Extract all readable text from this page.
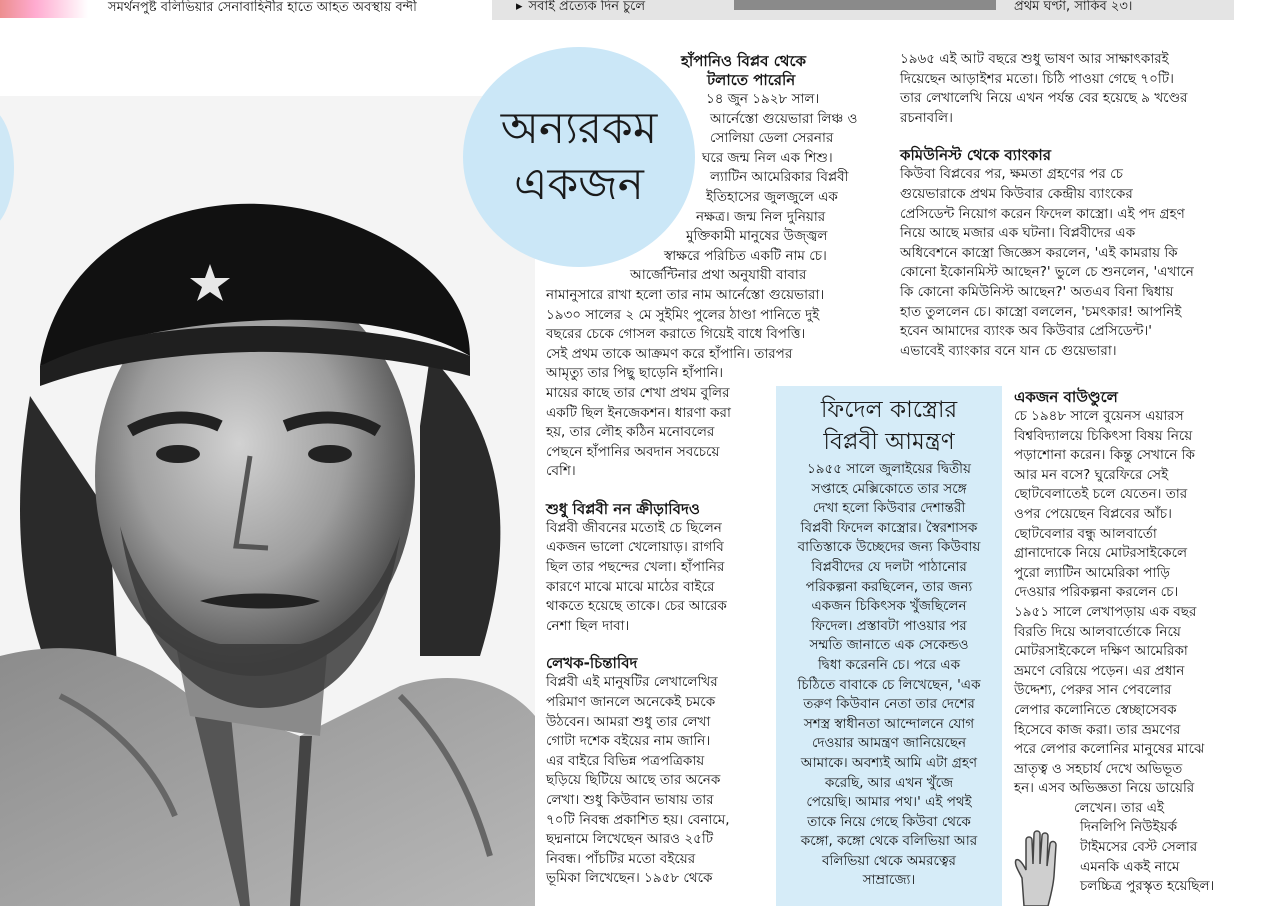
সমর্থনপুষ্ট বলিভিয়ার সেনাবাহিনীর হাতে আহত অবস্থায় বন্দী	▸ সবাই প্রত্যেক দিন চুলে	প্রথম ঘণ্টা, সাকিব ২৩।
অন্যরকম
একজন

হাঁপানিও বিপ্লব থেকে

টলাতে পারেনি

১৪ জুন ১৯২৮ সাল।

আর্নেস্তো গুয়েভারা লিঞ্চ ও

সোলিয়া ডেলা সেরনার

ঘরে জন্ম নিল এক শিশু।

ল্যাটিন আমেরিকার বিপ্লবী

ইতিহাসের জুলজুলে এক

নক্ষত্র। জন্ম নিল দুনিয়ার

মুক্তিকামী মানুষের উজ্জ্বল

স্বাক্ষরে পরিচিত একটি নাম চে।

আর্জেন্টিনার প্রথা অনুযায়ী বাবার

নামানুসারে রাখা হলো তার নাম আর্নেস্তো গুয়েভারা।

১৯৩০ সালের ২ মে সুইমিং পুলের ঠাণ্ডা পানিতে দুই

বছরের চেকে গোসল করাতে গিয়েই বাধে বিপত্তি।

সেই প্রথম তাকে আক্রমণ করে হাঁপানি। তারপর

আমৃত্যু তার পিছু ছাড়েনি হাঁপানি।

মায়ের কাছে তার শেখা প্রথম বুলির

একটি ছিল ইনজেকশন। ধারণা করা

হয়, তার লৌহ কঠিন মনোবলের

পেছনে হাঁপানির অবদান সবচেয়ে

বেশি।

শুধু বিপ্লবী নন ক্রীড়াবিদও

বিপ্লবী জীবনের মতোই চে ছিলেন

একজন ভালো খেলোয়াড়। রাগবি

ছিল তার পছন্দের খেলা। হাঁপানির

কারণে মাঝে মাঝে মাঠের বাইরে

থাকতে হয়েছে তাকে। চের আরেক

নেশা ছিল দাবা।

লেখক-চিন্তাবিদ

বিপ্লবী এই মানুষটির লেখালেখির

পরিমাণ জানলে অনেকেই চমকে

উঠবেন। আমরা শুধু তার লেখা

গোটা দশেক বইয়ের নাম জানি।

এর বাইরে বিভিন্ন পত্রপত্রিকায়

ছড়িয়ে ছিটিয়ে আছে তার অনেক

লেখা। শুধু কিউবান ভাষায় তার

৭০টি নিবন্ধ প্রকাশিত হয়। বেনামে,

ছদ্মনামে লিখেছেন আরও ২৫টি

নিবন্ধ। পাঁচটির মতো বইয়ের

ভূমিকা লিখেছেন। ১৯৫৮ থেকে

ফিদেল কাস্ত্রোর
বিপ্লবী আমন্ত্রণ

১৯৫৫ সালে জুলাইয়ের দ্বিতীয়

সপ্তাহে মেক্সিকোতে তার সঙ্গে

দেখা হলো কিউবার দেশান্তরী

বিপ্লবী ফিদেল কাস্ত্রোর। স্বৈরশাসক

বাতিস্তাকে উচ্ছেদের জন্য কিউবায়

বিপ্লবীদের যে দলটা পাঠানোর

পরিকল্পনা করছিলেন, তার জন্য

একজন চিকিৎসক খুঁজছিলেন

ফিদেল। প্রস্তাবটা পাওয়ার পর

সম্মতি জানাতে এক সেকেন্ডও

দ্বিধা করেননি চে। পরে এক

চিঠিতে বাবাকে চে লিখেছেন, 'এক

তরুণ কিউবান নেতা তার দেশের

সশস্ত্র স্বাধীনতা আন্দোলনে যোগ

দেওয়ার আমন্ত্রণ জানিয়েছেন

আমাকে। অবশ্যই আমি এটা গ্রহণ

করেছি, আর এখন খুঁজে

পেয়েছি। আমার পথ।' এই পথই

তাকে নিয়ে গেছে কিউবা থেকে

কঙ্গো, কঙ্গো থেকে বলিভিয়া আর

বলিভিয়া থেকে অমরত্বের

সাম্রাজ্যে।

১৯৬৫ এই আট বছরে শুধু ভাষণ আর সাক্ষাৎকারই

দিয়েছেন আড়াইশর মতো। চিঠি পাওয়া গেছে ৭০টি।

তার লেখালেখি নিয়ে এখন পর্যন্ত বের হয়েছে ৯ খণ্ডের

রচনাবলি।

কমিউনিস্ট থেকে ব্যাংকার

কিউবা বিপ্লবের পর, ক্ষমতা গ্রহণের পর চে

গুয়েভারাকে প্রথম কিউবার কেন্দ্রীয় ব্যাংকের

প্রেসিডেন্ট নিয়োগ করেন ফিদেল কাস্ত্রো। এই পদ গ্রহণ

নিয়ে আছে মজার এক ঘটনা। বিপ্লবীদের এক

অধিবেশনে কাস্ত্রো জিজ্ঞেস করলেন, 'এই কামরায় কি

কোনো ইকোনমিস্ট আছেন?' ভুলে চে শুনলেন, 'এখানে

কি কোনো কমিউনিস্ট আছেন?' অতএব বিনা দ্বিধায়

হাত তুললেন চে। কাস্ত্রো বললেন, 'চমৎকার! আপনিই

হবেন আমাদের ব্যাংক অব কিউবার প্রেসিডেন্ট।'

এভাবেই ব্যাংকার বনে যান চে গুয়েভারা।

একজন বাউণ্ডুলে

চে ১৯৪৮ সালে বুয়েনস এয়ারস

বিশ্ববিদ্যালয়ে চিকিৎসা বিষয় নিয়ে

পড়াশোনা করেন। কিন্তু সেখানে কি

আর মন বসে? ঘুরেফিরে সেই

ছোটবেলাতেই চলে যেতেন। তার

ওপর পেয়েছেন বিপ্লবের আঁচ।

ছোটবেলার বন্ধু আলবার্তো

গ্রানাদোকে নিয়ে মোটরসাইকেলে

পুরো ল্যাটিন আমেরিকা পাড়ি

দেওয়ার পরিকল্পনা করলেন চে।

১৯৫১ সালে লেখাপড়ায় এক বছর

বিরতি দিয়ে আলবার্তোকে নিয়ে

মোটরসাইকেলে দক্ষিণ আমেরিকা

ভ্রমণে বেরিয়ে পড়েন। এর প্রধান

উদ্দেশ্য, পেরুর সান পেবলোর

লেপার কলোনিতে স্বেচ্ছাসেবক

হিসেবে কাজ করা। তার ভ্রমণের

পরে লেপার কলোনির মানুষের মাঝে

ভ্রাতৃত্ব ও সহচার্য দেখে অভিভূত

হন। এসব অভিজ্ঞতা নিয়ে ডায়েরি

লেখেন। তার এই

দিনলিপি নিউইয়র্ক

টাইমসের বেস্ট সেলার

এমনকি একই নামে

চলচ্চিত্র পুরস্কৃত হয়েছিল।
